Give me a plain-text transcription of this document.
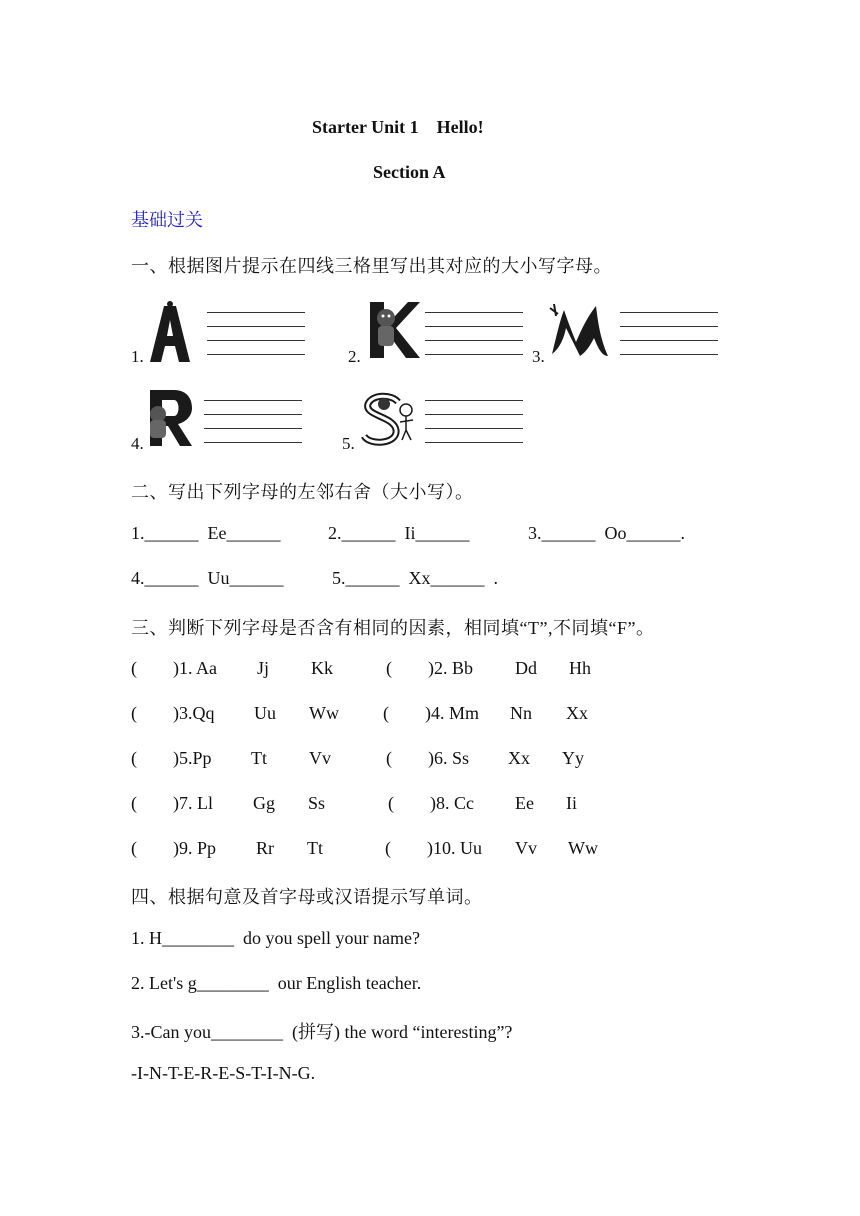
Starter Unit 1    Hello!
Section A
基础过关
一、根据图片提示在四线三格里写出其对应的大小写字母。
1.	2.	3.
4.	5.
二、写出下列字母的左邻右舍（大小写）。
1.______  Ee______	2.______  Ii______	3.______  Oo______.
4.______  Uu______	5.______  Xx______  .
三、判断下列字母是否含有相同的因素，相同填“T”,不同填“F”。
(        )1. Aa Jj Kk	(        )2. Bb Dd Hh
(        )3.Qq Uu Ww (        )4. Mm Nn Xx
(        )5.Pp Tt Vv	(        )6. Ss Xx Yy
(        )7. Ll Gg Ss	(        )8. Cc Ee Ii
(        )9. Pp Rr Tt	(        )10. Uu Vv Ww
四、根据句意及首字母或汉语提示写单词。
1. H________  do you spell your name?
2. Let's g________  our English teacher.
3.-Can you________  (拼写) the word “interesting”?
-I-N-T-E-R-E-S-T-I-N-G.
